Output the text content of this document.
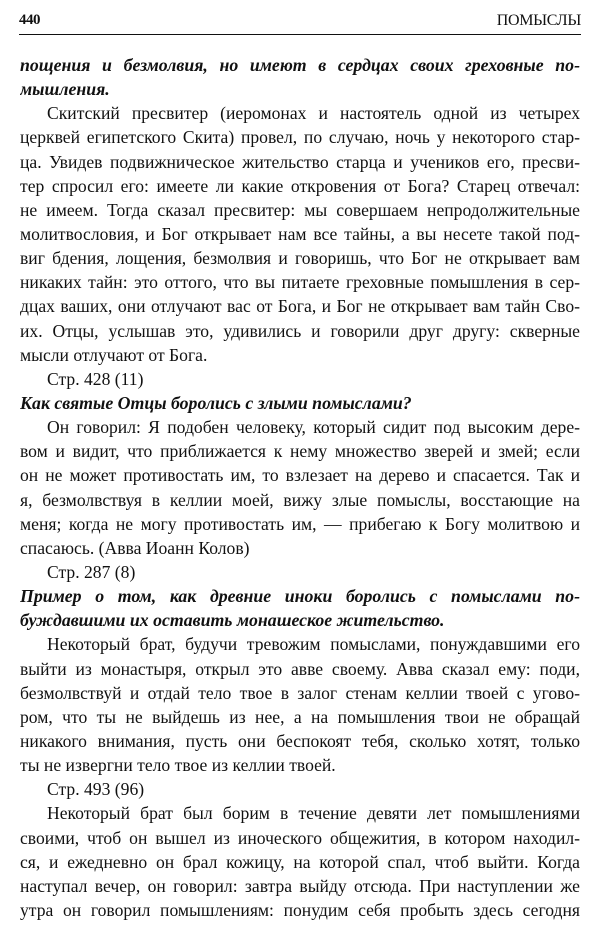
440	ПОМЫСЛЫ
пощения и безмолвия, но имеют в сердцах своих греховные по-
мышления.
Скитский пресвитер (иеромонах и настоятель одной из четырех
церквей египетского Скита) провел, по случаю, ночь у некоторого стар-
ца. Увидев подвижническое жительство старца и учеников его, пресви-
тер спросил его: имеете ли какие откровения от Бога? Старец отвечал:
не имеем. Тогда сказал пресвитер: мы совершаем непродолжительные
молитвословия, и Бог открывает нам все тайны, а вы несете такой под-
виг бдения, лощения, безмолвия и говоришь, что Бог не открывает вам
никаких тайн: это оттого, что вы питаете греховные помышления в сер-
дцах ваших, они отлучают вас от Бога, и Бог не открывает вам тайн Сво-
их. Отцы, услышав это, удивились и говорили друг другу: скверные
мысли отлучают от Бога.
Стр. 428 (11)
Как святые Отцы боролись с злыми помыслами?
Он говорил: Я подобен человеку, который сидит под высоким дере-
вом и видит, что приближается к нему множество зверей и змей; если
он не может противостать им, то взлезает на дерево и спасается. Так и
я, безмолвствуя в келлии моей, вижу злые помыслы, восстающие на
меня; когда не могу противостать им, — прибегаю к Богу молитвою и
спасаюсь. (Авва Иоанн Колов)
Стр. 287 (8)
Пример о том, как древние иноки боролись с помыслами по-
буждавшими их оставить монашеское жительство.
Некоторый брат, будучи тревожим помыслами, понуждавшими его
выйти из монастыря, открыл это авве своему. Авва сказал ему: поди,
безмолвствуй и отдай тело твое в залог стенам келлии твоей с угово-
ром, что ты не выйдешь из нее, а на помышления твои не обращай
никакого внимания, пусть они беспокоят тебя, сколько хотят, только
ты не извергни тело твое из келлии твоей.
Стр. 493 (96)
Некоторый брат был борим в течение девяти лет помышлениями
своими, чтоб он вышел из иноческого общежития, в котором находил-
ся, и ежедневно он брал кожицу, на которой спал, чтоб выйти. Когда
наступал вечер, он говорил: завтра выйду отсюда. При наступлении же
утра он говорил помышлениям: понудим себя пробыть здесь сегодня
